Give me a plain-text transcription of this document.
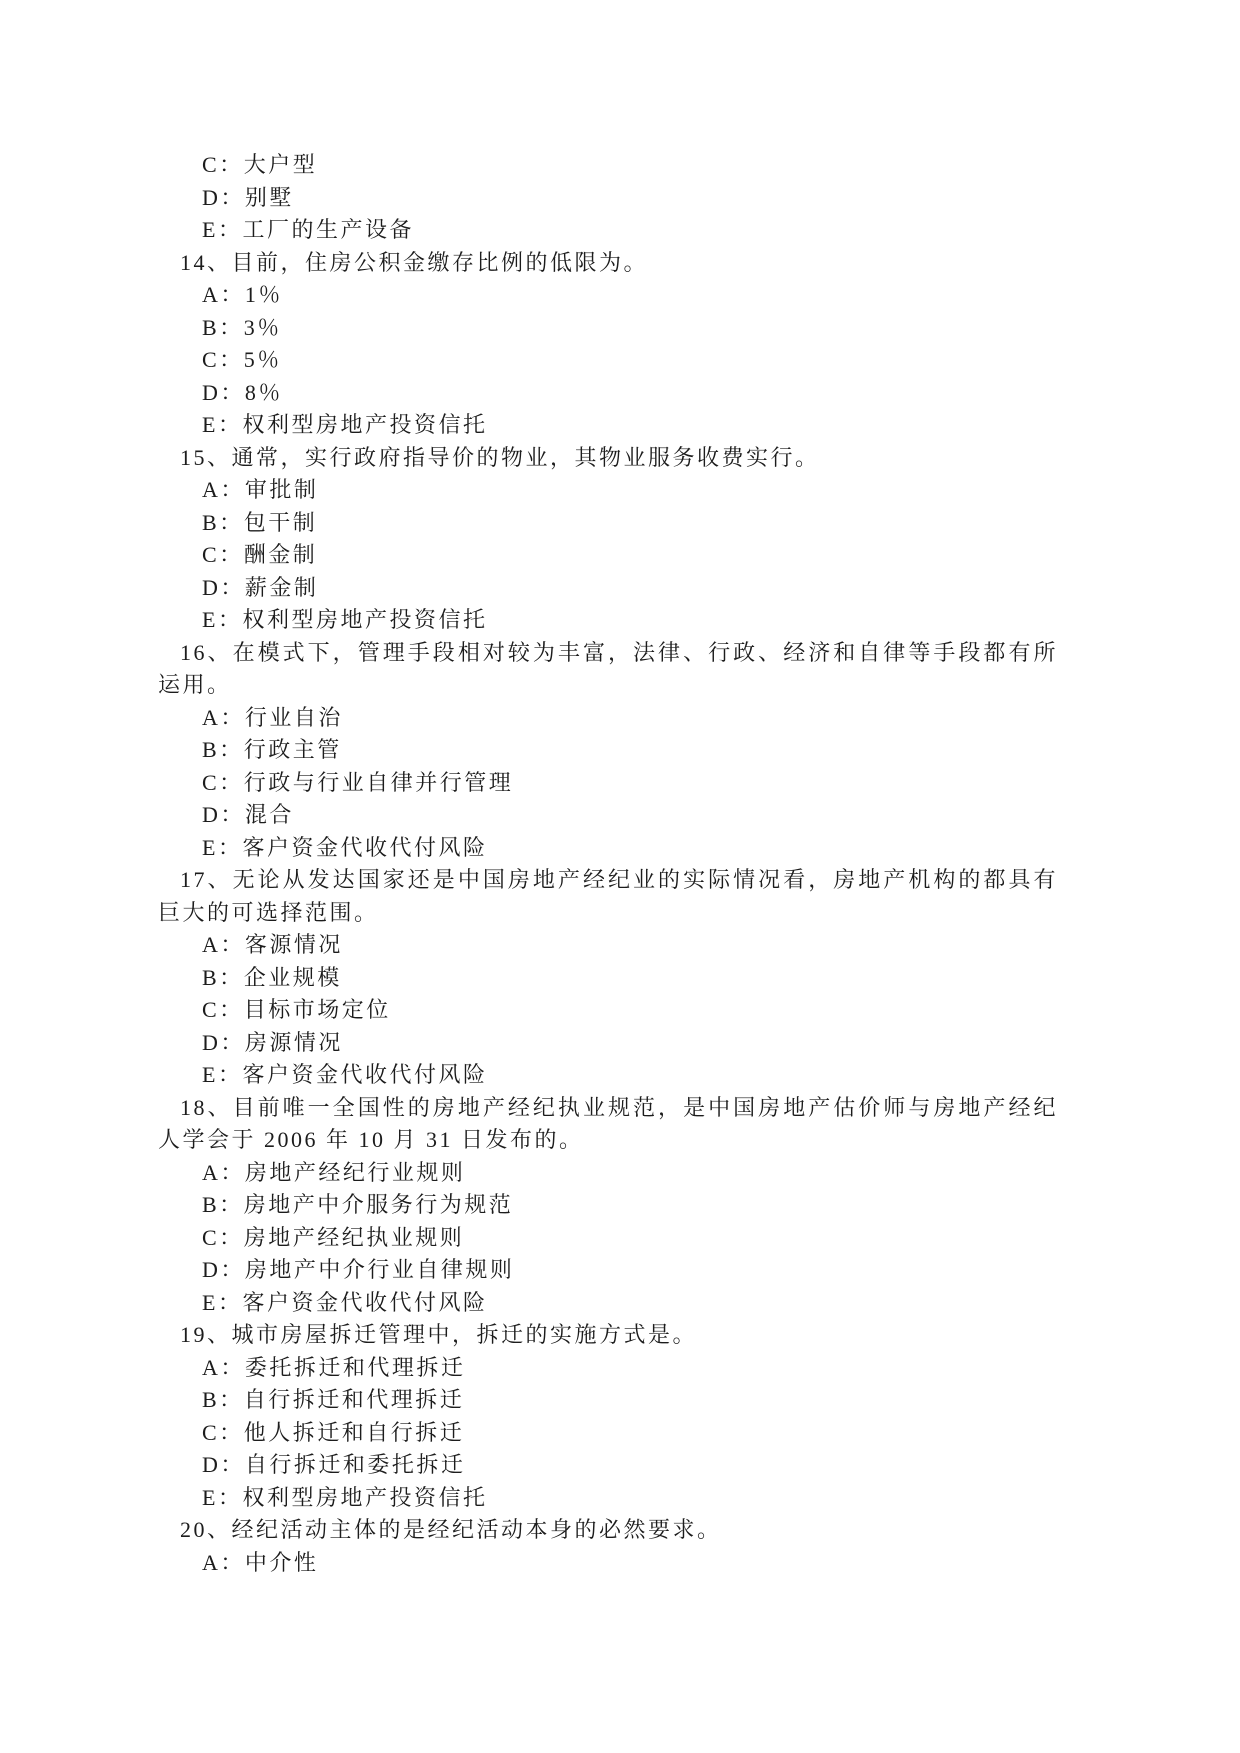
C：大户型
D：别墅
E：工厂的生产设备

14、目前，住房公积金缴存比例的低限为。

A：1％
B：3％
C：5％
D：8％
E：权利型房地产投资信托

15、通常，实行政府指导价的物业，其物业服务收费实行。

A：审批制
B：包干制
C：酬金制
D：薪金制
E：权利型房地产投资信托

16、在模式下，管理手段相对较为丰富，法律、行政、经济和自律等手段都有所运用。

A：行业自治
B：行政主管
C：行政与行业自律并行管理
D：混合
E：客户资金代收代付风险

17、无论从发达国家还是中国房地产经纪业的实际情况看，房地产机构的都具有巨大的可选择范围。

A：客源情况
B：企业规模
C：目标市场定位
D：房源情况
E：客户资金代收代付风险

18、目前唯一全国性的房地产经纪执业规范，是中国房地产估价师与房地产经纪人学会于 2006 年 10 月 31 日发布的。

A：房地产经纪行业规则
B：房地产中介服务行为规范
C：房地产经纪执业规则
D：房地产中介行业自律规则
E：客户资金代收代付风险

19、城市房屋拆迁管理中，拆迁的实施方式是。

A：委托拆迁和代理拆迁
B：自行拆迁和代理拆迁
C：他人拆迁和自行拆迁
D：自行拆迁和委托拆迁
E：权利型房地产投资信托

20、经纪活动主体的是经纪活动本身的必然要求。

A：中介性
